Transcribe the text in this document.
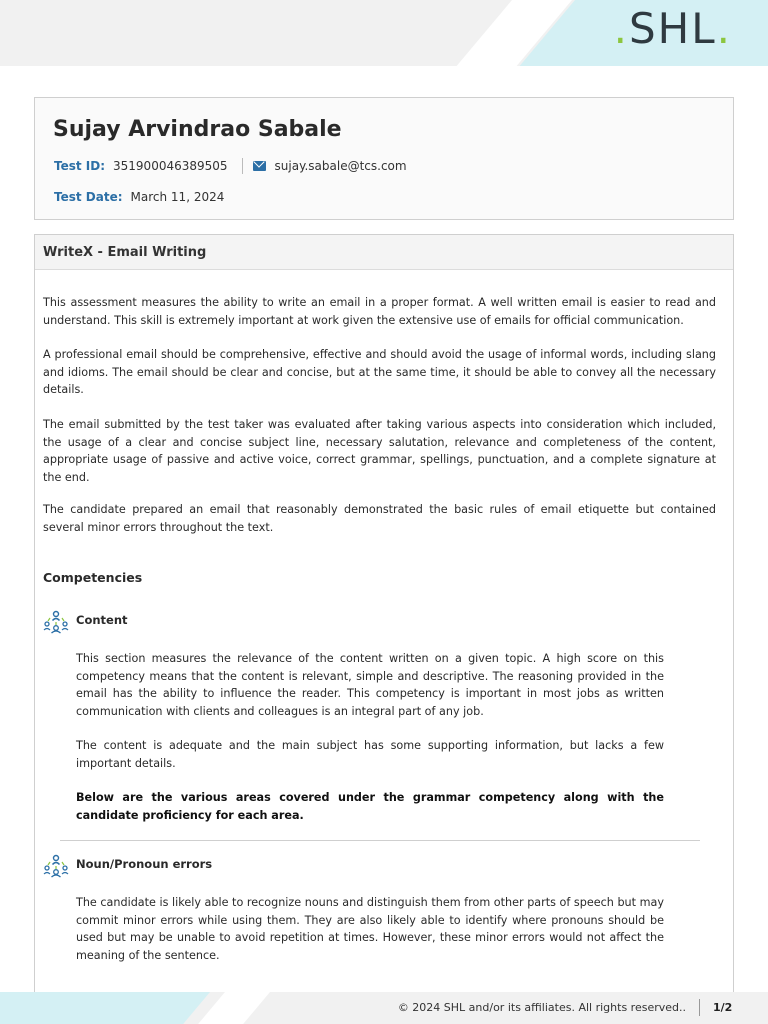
.SHL.
Sujay Arvindrao Sabale
Test ID: 351900046389505	sujay.sabale@tcs.com
Test Date: March 11, 2024
WriteX - Email Writing

This assessment measures the ability to write an email in a proper format. A well written email is easier to read and understand. This skill is extremely important at work given the extensive use of emails for official communication.

A professional email should be comprehensive, effective and should avoid the usage of informal words, including slang and idioms. The email should be clear and concise, but at the same time, it should be able to convey all the necessary details.

The email submitted by the test taker was evaluated after taking various aspects into consideration which included, the usage of a clear and concise subject line, necessary salutation, relevance and completeness of the content, appropriate usage of passive and active voice, correct grammar, spellings, punctuation, and a complete signature at the end.

The candidate prepared an email that reasonably demonstrated the basic rules of email etiquette but contained several minor errors throughout the text.

Competencies
Content

This section measures the relevance of the content written on a given topic. A high score on this competency means that the content is relevant, simple and descriptive. The reasoning provided in the email has the ability to influence the reader. This competency is important in most jobs as written communication with clients and colleagues is an integral part of any job.

The content is adequate and the main subject has some supporting information, but lacks a few important details.

Below are the various areas covered under the grammar competency along with the candidate proficiency for each area.

Noun/Pronoun errors

The candidate is likely able to recognize nouns and distinguish them from other parts of speech but may commit minor errors while using them. They are also likely able to identify where pronouns should be used but may be unable to avoid repetition at times. However, these minor errors would not affect the meaning of the sentence.

© 2024 SHL and/or its affiliates. All rights reserved.. 1/2
